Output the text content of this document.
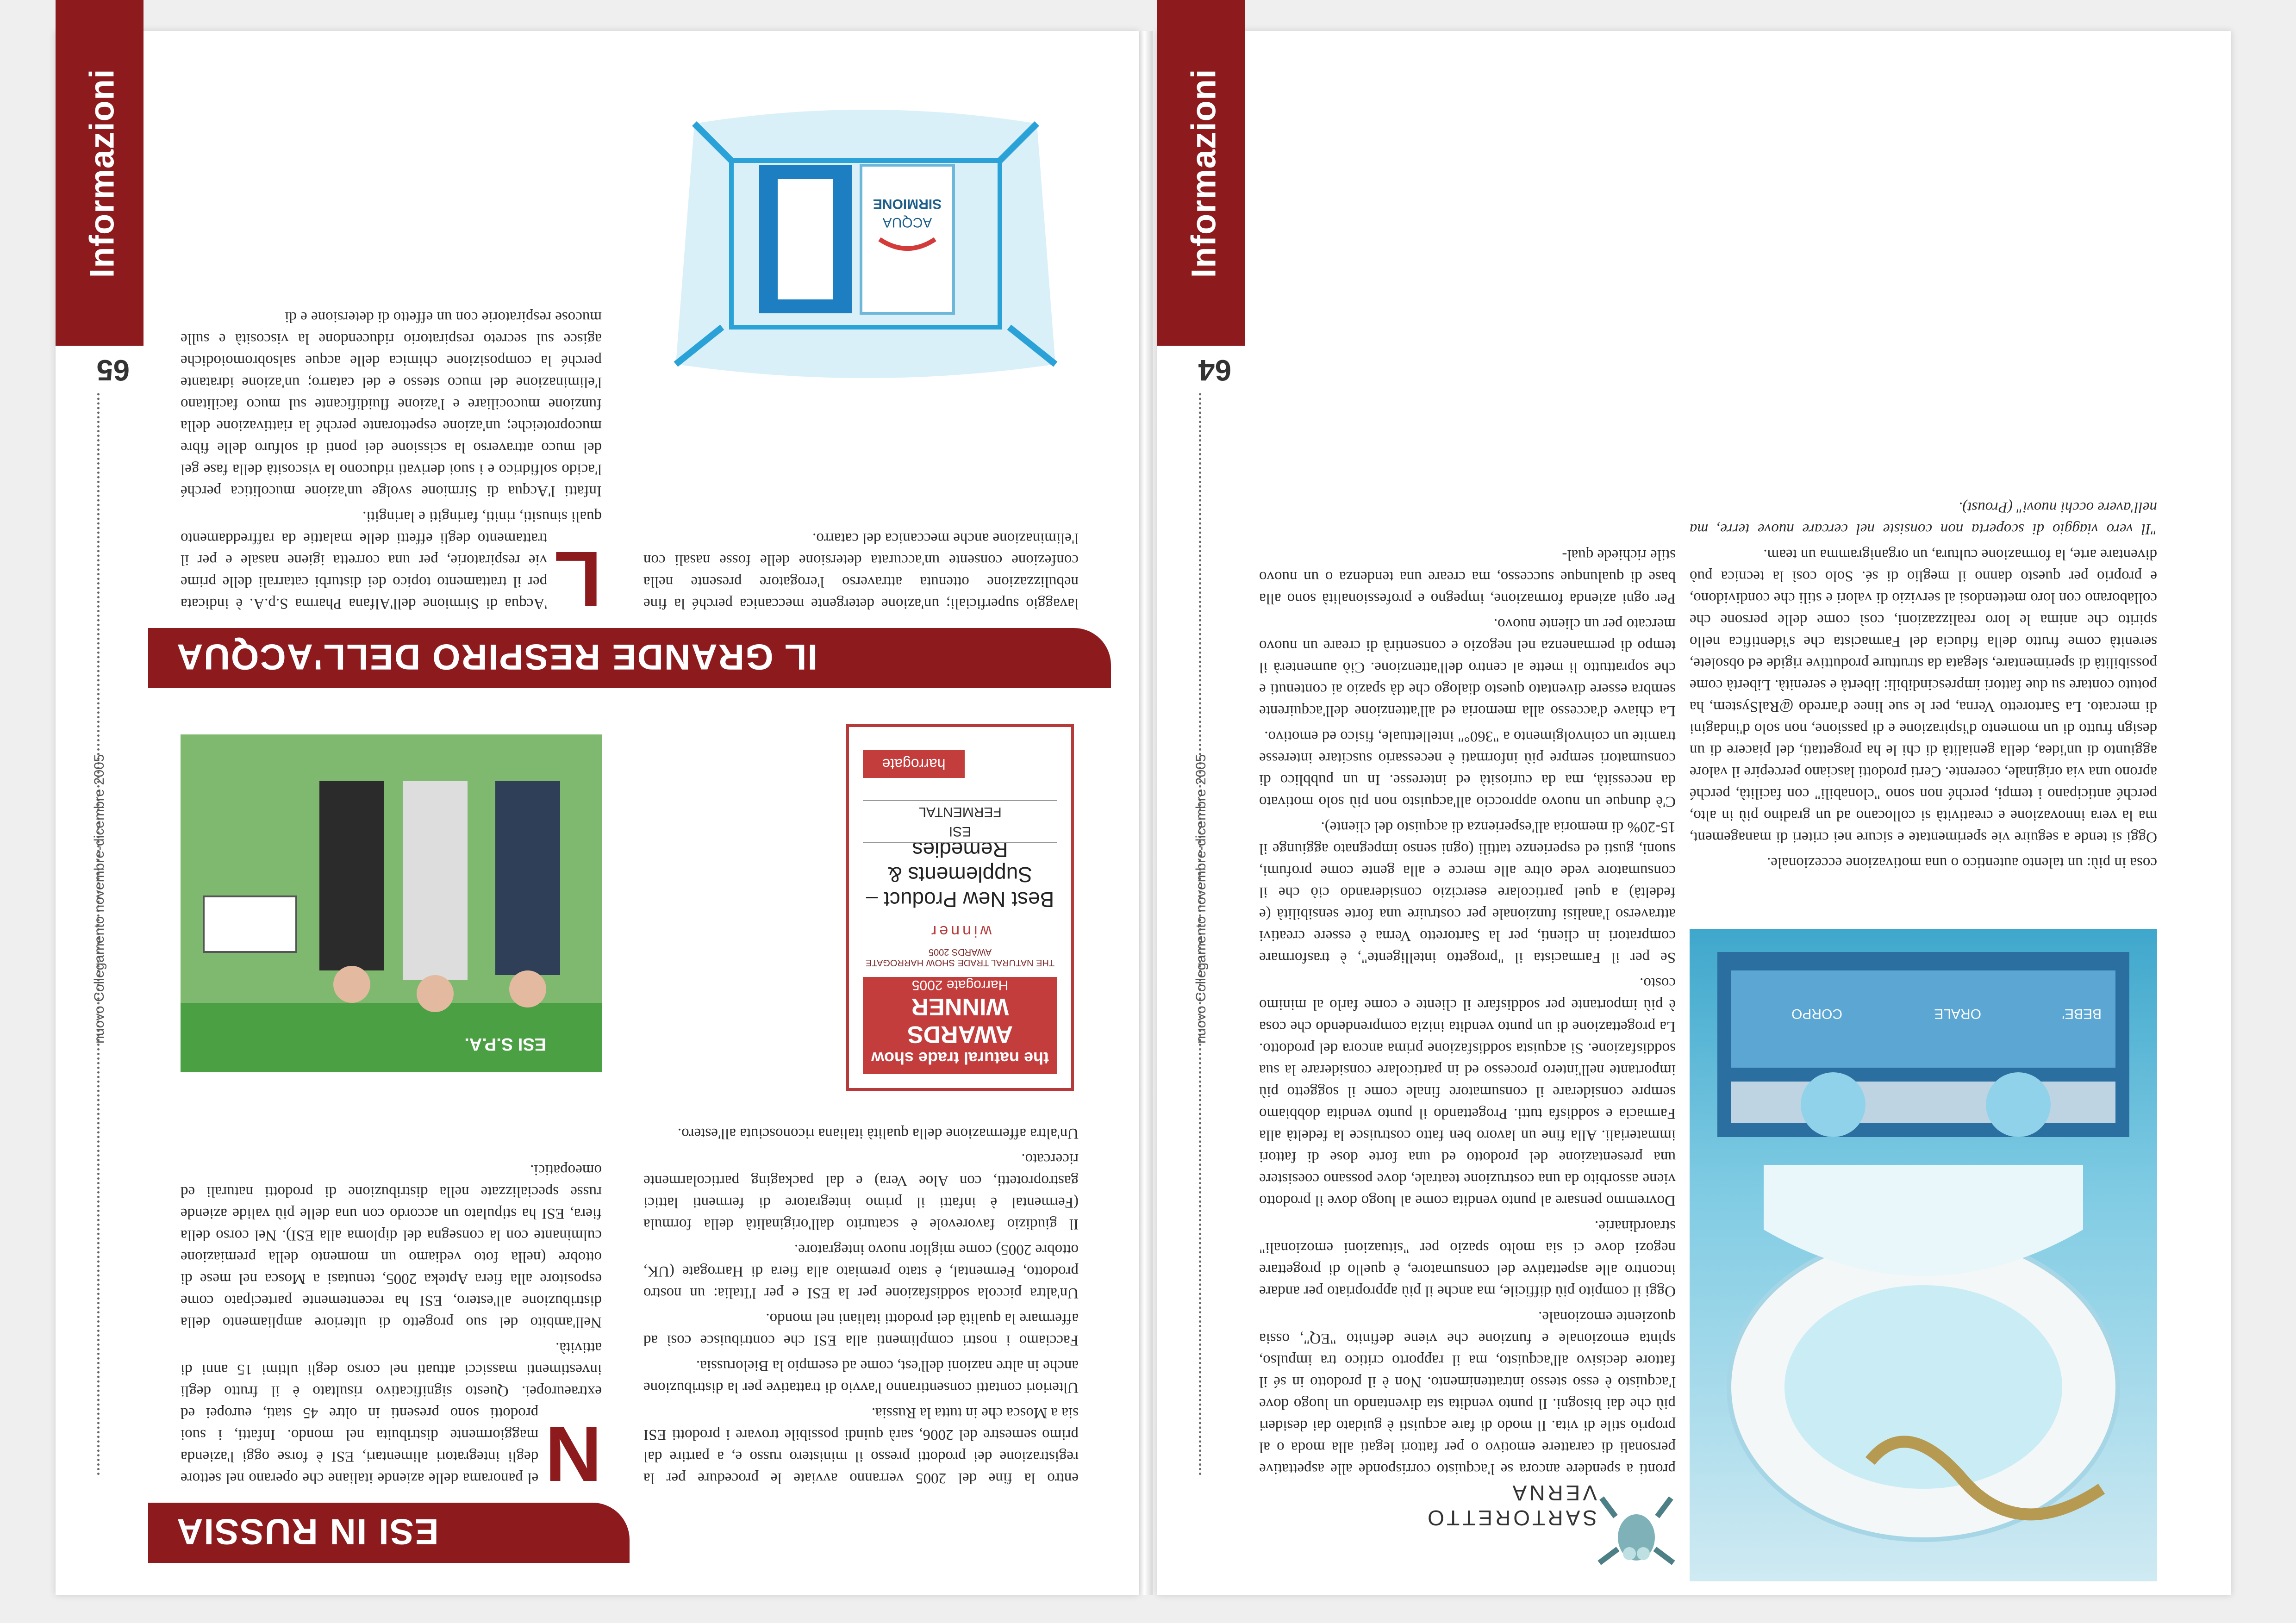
nuovo Collegamento novembre-dicembre 2005
64
Informazioni
SARTORETTO VERNA

pronti a spendere ancora se l'acquisto corrisponde alle aspettative personali di carattere emotivo o per fattori legati alla moda o al proprio stile di vita. Il modo di fare acquisti è guidato dai desideri più che dai bisogni. Il punto vendita sta diventando un luogo dove l'acquisto è esso stesso intrattenimento. Non è il prodotto in sé il fattore decisivo all'acquisto, ma il rapporto critico tra impulso, spinta emozionale e funzione che viene definito "EQ", ossia quoziente emozionale.

Oggi il compito più difficile, ma anche il più appropriato per andare incontro alle aspettative del consumatore, è quello di progettare negozi dove ci sia molto spazio per "situazioni emozionali" straordinarie.

Dovremmo pensare al punto vendita come al luogo dove il prodotto viene assorbito da una costruzione teatrale, dove possano coesistere una presentazione del prodotto ed una forte dose di fattori immateriali. Alla fine un lavoro ben fatto costruisce la fedeltà alla Farmacia e soddisfa tutti. Progettando il punto vendita dobbiamo sempre considerare il consumatore finale come il soggetto più importante nell'intero processo ed in particolare considerare la sua soddisfazione. Si acquista soddisfazione prima ancora del prodotto. La progettazione di un punto vendita inizia comprendendo che cosa è più importante per soddisfare il cliente e come farlo al minimo costo.

Se per il Farmacista il "progetto intelligente", è trasformare compratori in clienti, per la Sartoretto Verna è essere creativi attraverso l'analisi funzionale per costruire una forte sensibilità (e fedeltà) a quel particolare esercizio considerando ciò che il consumatore vede oltre alle merce e alla gente come profumi, suoni, gusti ed esperienze tattili (ogni senso impegnato aggiunge il 15-20% di memoria all'esperienza di acquisto del cliente).

C'è dunque un nuovo approccio all'acquisto non più solo motivato da necessità, ma da curiosità ed interesse. In un pubblico di consumatori sempre più informati è necessario suscitare interesse tramite un coinvolgimento a "360°" intellettuale, fisico ed emotivo.

La chiave d'accesso alla memoria ed all'attenzione dell'acquirente sembra essere diventato questo dialogo che dà spazio ai contenuti e che soprattutto li mette al centro dell'attenzione. Ciò aumenterà il tempo di permanenza nel negozio e consentirà di creare un nuovo mercato per un cliente nuovo.

Per ogni azienda formazione, impegno e professionalità sono alla base di qualunque successo, ma creare una tendenza o un nuovo stile richiede qual-

CORPO	ORALE	BEBE'

cosa in più: un talento autentico o una motivazione eccezionale.

Oggi si tende a seguire vie sperimentate e sicure nei criteri di management, ma la vera innovazione e creatività si collocano ad un gradino più in alto, perché anticipano i tempi, perché non sono "clonabili" con facilità, perché aprono una via originale, coerente. Certi prodotti lasciano percepire il valore aggiunto di un'idea, della genialità di chi le ha progettati, del piacere di un design frutto di un momento d'ispirazione e di passione, non solo d'indagini di mercato. La Sartoretto Verna, per le sue linee d'arredo @RalSystem, ha potuto contare su due fattori imprescindibili: libertà e serenità. Libertà come possibilità di sperimentare, slegata da strutture produttive rigide ed obsolete, serenità come frutto della fiducia del Farmacista che s'identifica nello spirito che anima le loro realizzazioni, così come delle persone che collaborano con loro mettendosi al servizio di valori e stili che condividono, e proprio per questo danno il meglio di sé. Solo così la tecnica può diventare arte, la formazione cultura, un organigramma un team.

"Il vero viaggio di scoperta non consiste nel cercare nuove terre, ma nell'avere occhi nuovi" (Proust).

nuovo Collegamento novembre-dicembre 2005
65
Informazioni
ESI IN RUSSIA
N

el panorama delle aziende italiane che operano nel settore degli integratori alimentari, ESI è forse oggi l'azienda maggiormente distribuita nel mondo. Infatti, i suoi prodotti sono presenti in oltre 45 stati, europei ed extraeuropei. Questo significativo risultato è il frutto degli investimenti massicci attuati nel corso degli ultimi 15 anni di attività.

Nell'ambito del suo progetto di ulteriore ampliamento della distribuzione all'estero, ESI ha recentemente partecipato come espositore alla fiera Apteka 2005, tenutasi a Mosca nel mese di ottobre (nella foto vediamo un momento della premiazione culminante con la consegna del diploma alla ESI). Nel corso della fiera, ESI ha stipulato un accordo con una delle più valide aziende russe specializzate nella distribuzione di prodotti naturali ed omeopatici.

ESI S.P.A.

entro la fine del 2005 verranno avviate le procedure per la registrazione dei prodotti presso il ministero russo e, a partire dal primo semestre del 2006, sarà quindi possibile trovare i prodotti ESI sia a Mosca che in tutta la Russia.

Ulteriori contatti consentiranno l'avvio di trattative per la distribuzione anche in altre nazioni dell'est, come ad esempio la Bielorussia.

Facciamo i nostri complimenti alla ESI che contribuisce così ad affermare la qualità dei prodotti italiani nel mondo.

Un'altra piccola soddisfazione per la ESI e per l'Italia: un nostro prodotto, Fermental, è stato premiato alla fiera di Harrogate (UK, ottobre 2005) come miglior nuovo integratore.

Il giudizio favorevole è scaturito dall'originalità della formula (Fermental è infatti il primo integratore di fermenti lattici gastroprotetti, con Aloe Vera) e dal packaging particolarmente ricercato.

Un'altra affermazione della qualità italiana riconosciuta all'estero.

the natural trade show
AWARDS WINNER
Harrogate 2005
THE NATURAL TRADE SHOW HARROGATE AWARDS 2005
winner
Best New Product – Supplements & Remedies
ESI
FERMENTAL
harrogate
IL GRANDE RESPIRO DELL'ACQUA
L

'Acqua di Sirmione dell'Alfana Pharma S.p.A. è indicata per il trattamento topico dei disturbi catarrali delle prime vie respiratorie, per una corretta igiene nasale e per il trattamento degli effetti delle malattie da raffreddamento quali sinusiti, riniti, faringiti e laringiti.

Infatti l'Acqua di Sirmione svolge un'azione mucolitica perché l'acido solfidrico e i suoi derivati riducono la viscosità della fase gel del muco attraverso la scissione dei ponti di solfuro delle fibre mucoproteiche; un'azione espettorante perché la riattivazione della funzione mucociliare e l'azione fluidificante sul muco facilitano l'eliminazione del muco stesso e del catarro; un'azione idratante perché la composizione chimica delle acque salsobromoiodiche agisce sul secreto respiratorio riducendone la viscosità e sulle mucose respiratorie con un effetto di detersione e di

lavaggio superficiali; un'azione detergente meccanica perché la fine nebulizzazione ottenuta attraverso l'erogatore presente nella confezione consente un'accurata detersione delle fosse nasali con l'eliminazione anche meccanica del catarro.

ACQUA
SIRMIONE
